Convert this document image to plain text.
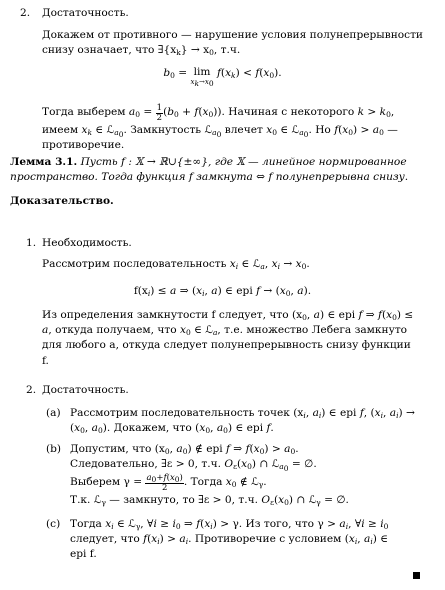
2. Достаточность.
Докажем от противного — нарушение условия полунепрерывности снизу означает, что $\exists\{x_k\} \to x_0$, т.ч.
$b_0 = \lim$
$x_k\to x_0$
$f(x_k) < f(x_0)$.
Тогда выберем $a_0 = \frac{1}{2} (b_0 + f(x_0))$. Начиная с некоторого $k > k_0$,
имеем $x_k$ ∈ ℒ$_{a_0}$. Замкнутость ℒ$_{a_0}$ влечет $x_0$ ∈ ℒ$_{a_0}$. Но $f(x_0) > a_0$ —
противоречие.
Лемма 3.1. Пусть f : 𝕏 → ℝ∪{±∞}, где 𝕏 — линейное нормированное
пространство. Тогда функция f замкнута ⇔ f полунепрерывна снизу.
Доказательство.
1. Необходимость.
Рассмотрим последовательность $x_i$ ∈ ℒ$_a$, $x_i \to x_0$.
$f(x_i) \le a$ ⇒ ($x_i$, a) ∈ epi $f \to (x_0$, a).
Из определения замкнутости f следует, что ($x_0$, a) ∈ epi f ⇒ $f(x_0)$ ≤
a, откуда получаем, что $x_0$ ∈ ℒ$_a$, т.е. множество Лебега замкнуто
для любого a, откуда следует полунепрерывность снизу функции
f.
2. Достаточность.
(a) Рассмотрим последовательность точек ($x_i$, $a_i$) ∈ epi f, ($x_i$, $a_i$) →
($x_0$, $a_0$). Докажем, что ($x_0$, $a_0$) ∈ epi f.
(b) Допустим, что ($x_0$, $a_0$) ∉ epi f ⇒ $f(x_0) > a_0$.
Следовательно, ∃ε > 0, т.ч. $O_\varepsilon(x_0)$ ∩ ℒ$_{a_0}$ = ∅.
Выберем $\gamma = \frac{a_0+f(x_0)}{2}$ . Тогда $x_0$ ∉ ℒ$_\gamma$.
Т.к. ℒ$_\gamma$ — замкнуто, то ∃ε > 0, т.ч. $O_\varepsilon(x_0)$ ∩ ℒ$_\gamma$ = ∅.
(c) Тогда $x_i$ ∈ ℒ$_\gamma$, ∀i ≥ $i_0$ ⇒ $f(x_i) > \gamma$. Из того, что $\gamma > a_i$, ∀i ≥ $i_0$
следует, что $f(x_i) > a_i$. Противоречие с условием ($x_i$, $a_i$) ∈
epi f.
